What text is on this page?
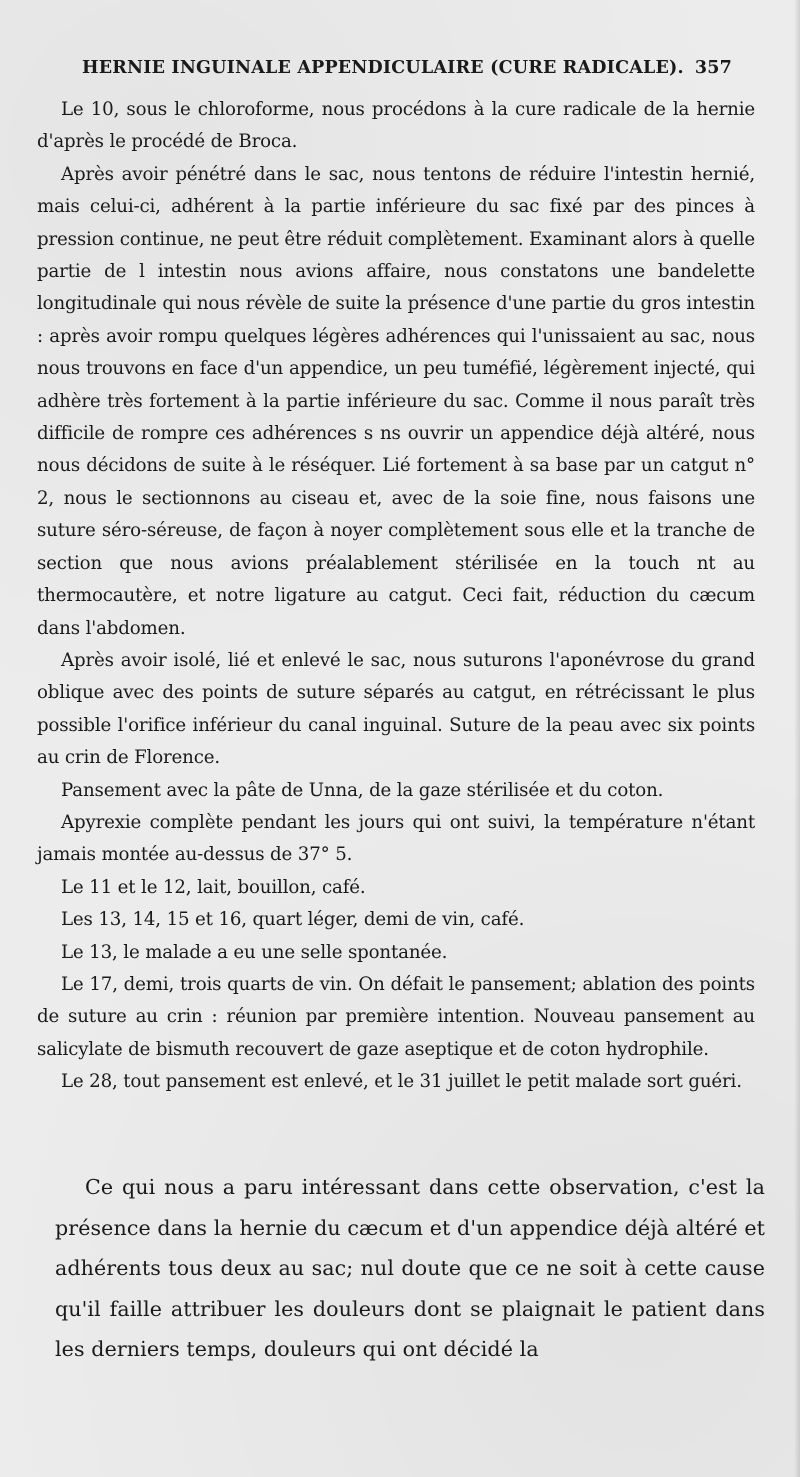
HERNIE INGUINALE APPENDICULAIRE (CURE RADICALE). 357

Le 10, sous le chloroforme, nous procédons à la cure radicale de la hernie d'après le procédé de Broca.

Après avoir pénétré dans le sac, nous tentons de réduire l'intestin hernié, mais celui-ci, adhérent à la partie inférieure du sac fixé par des pinces à pression continue, ne peut être réduit complètement. Examinant alors à quelle partie de l intestin nous avions affaire, nous constatons une bandelette longitudinale qui nous révèle de suite la présence d'une partie du gros intestin : après avoir rompu quelques légères adhérences qui l'unissaient au sac, nous nous trouvons en face d'un appendice, un peu tuméfié, légèrement injecté, qui adhère très fortement à la partie inférieure du sac. Comme il nous paraît très difficile de rompre ces adhérences s ns ouvrir un appendice déjà altéré, nous nous décidons de suite à le réséquer. Lié fortement à sa base par un catgut n° 2, nous le sectionnons au ciseau et, avec de la soie fine, nous faisons une suture séro-séreuse, de façon à noyer complètement sous elle et la tranche de section que nous avions préalablement stérilisée en la touch nt au thermocautère, et notre ligature au catgut. Ceci fait, réduction du cæcum dans l'abdomen.

Après avoir isolé, lié et enlevé le sac, nous suturons l'aponévrose du grand oblique avec des points de suture séparés au catgut, en rétrécissant le plus possible l'orifice inférieur du canal inguinal. Suture de la peau avec six points au crin de Florence.

Pansement avec la pâte de Unna, de la gaze stérilisée et du coton.

Apyrexie complète pendant les jours qui ont suivi, la température n'étant jamais montée au-dessus de 37° 5.

Le 11 et le 12, lait, bouillon, café.

Les 13, 14, 15 et 16, quart léger, demi de vin, café.

Le 13, le malade a eu une selle spontanée.

Le 17, demi, trois quarts de vin. On défait le pansement; ablation des points de suture au crin : réunion par première intention. Nouveau pansement au salicylate de bismuth recouvert de gaze aseptique et de coton hydrophile.

Le 28, tout pansement est enlevé, et le 31 juillet le petit malade sort guéri.

Ce qui nous a paru intéressant dans cette observation, c'est la présence dans la hernie du cæcum et d'un appendice déjà altéré et adhérents tous deux au sac; nul doute que ce ne soit à cette cause qu'il faille attribuer les douleurs dont se plaignait le patient dans les derniers temps, douleurs qui ont décidé la
